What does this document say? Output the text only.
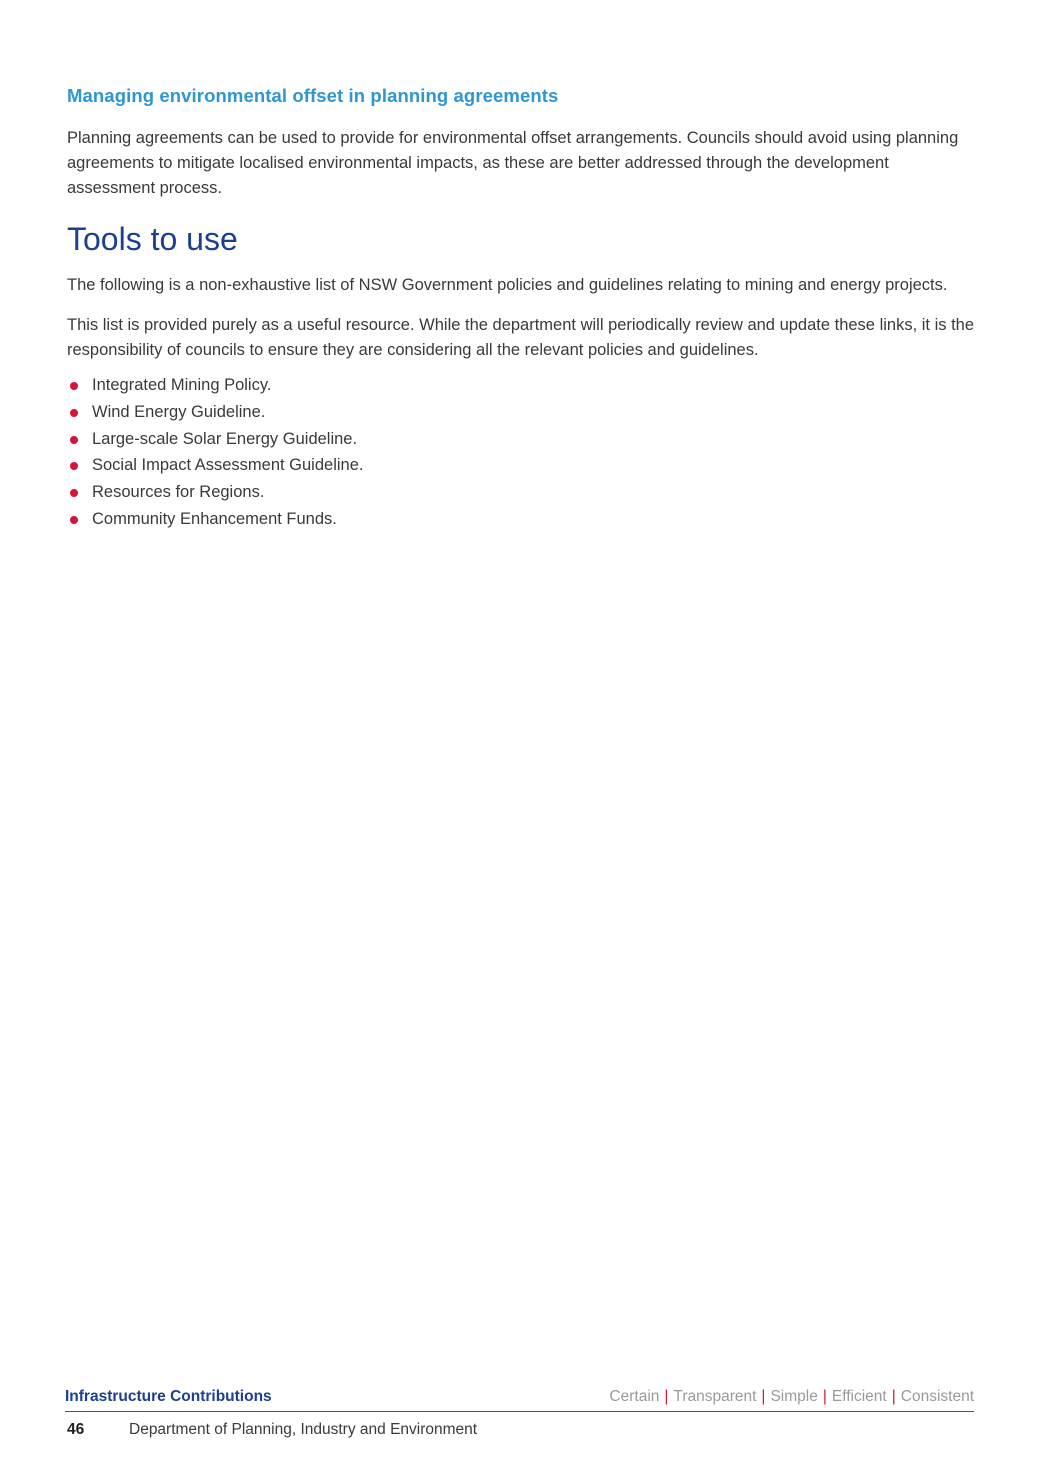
Managing environmental offset in planning agreements

Planning agreements can be used to provide for environmental offset arrangements. Councils should avoid using planning agreements to mitigate localised environmental impacts, as these are better addressed through the development assessment process.

Tools to use

The following is a non-exhaustive list of NSW Government policies and guidelines relating to mining and energy projects.

This list is provided purely as a useful resource. While the department will periodically review and update these links, it is the responsibility of councils to ensure they are considering all the relevant policies and guidelines.

Integrated Mining Policy.
Wind Energy Guideline.
Large-scale Solar Energy Guideline.
Social Impact Assessment Guideline.
Resources for Regions.
Community Enhancement Funds.
Infrastructure Contributions	Certain | Transparent | Simple | Efficient | Consistent
46	Department of Planning, Industry and Environment
